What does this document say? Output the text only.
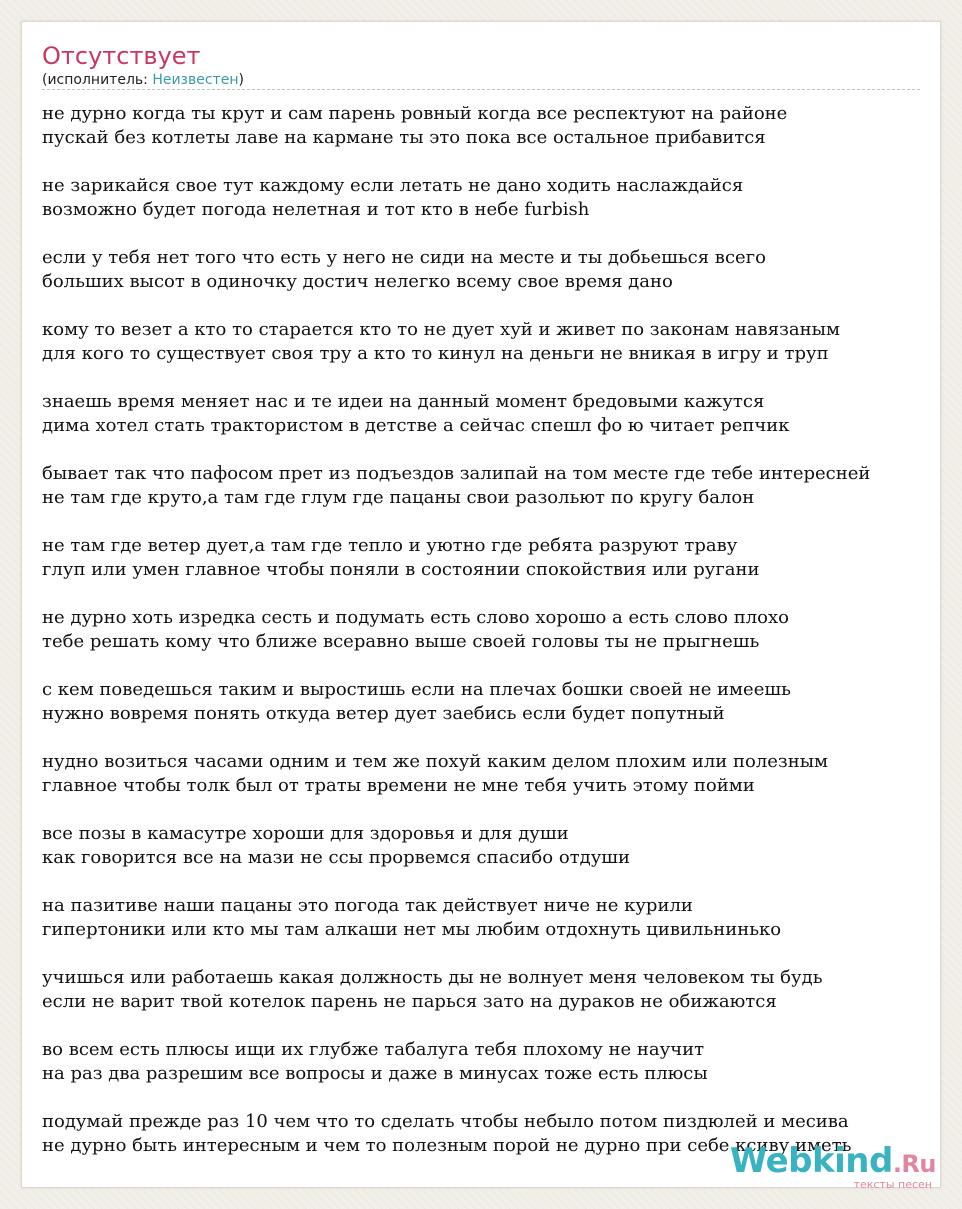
Отсутствует
(исполнитель: Неизвестен)
не дурно когда ты крут и сам парень ровный когда все респектуют на районе
пускай без котлеты лаве на кармане ты это пока все остальное прибавится
не зарикайся свое тут каждому если летать не дано ходить наслаждайся
возможно будет погода нелетная и тот кто в небе furbish
если у тебя нет того что есть у него не сиди на месте и ты добьешься всего
больших высот в одиночку достич нелегко всему свое время дано
кому то везет а кто то старается кто то не дует хуй и живет по законам навязаным
для кого то существует своя тру а кто то кинул на деньги не вникая в игру и труп
знаешь время меняет нас и те идеи на данный момент бредовыми кажутся
дима хотел стать трактористом в детстве а сейчас спешл фо ю читает репчик
бывает так что пафосом прет из подъездов залипай на том месте где тебе интересней
не там где круто,а там где глум где пацаны свои разольют по кругу балон
не там где ветер дует,а там где тепло и уютно где ребята разруют траву
глуп или умен главное чтобы поняли в состоянии спокойствия или ругани
не дурно хоть изредка сесть и подумать есть слово хорошо а есть слово плохо
тебе решать кому что ближе всеравно выше своей головы ты не прыгнешь
с кем поведешься таким и выростишь если на плечах бошки своей не имеешь
нужно вовремя понять откуда ветер дует заебись если будет попутный
нудно возиться часами одним и тем же похуй каким делом плохим или полезным
главное чтобы толк был от траты времени не мне тебя учить этому пойми
все позы в камасутре хороши для здоровья и для души
как говорится все на мази не ссы прорвемся спасибо отдуши
на пазитиве наши пацаны это погода так действует ниче не курили
гипертоники или кто мы там алкаши нет мы любим отдохнуть цивильнинько
учишься или работаешь какая должность ды не волнует меня человеком ты будь
если не варит твой котелок парень не парься зато на дураков не обижаются
во всем есть плюсы ищи их глубже табалуга тебя плохому не научит
на раз два разрешим все вопросы и даже в минусах тоже есть плюсы
подумай прежде раз 10 чем что то сделать чтобы небыло потом пиздюлей и месива
не дурно быть интересным и чем то полезным порой не дурно при себе ксиву иметь
Webkind.Ru
тексты песен
